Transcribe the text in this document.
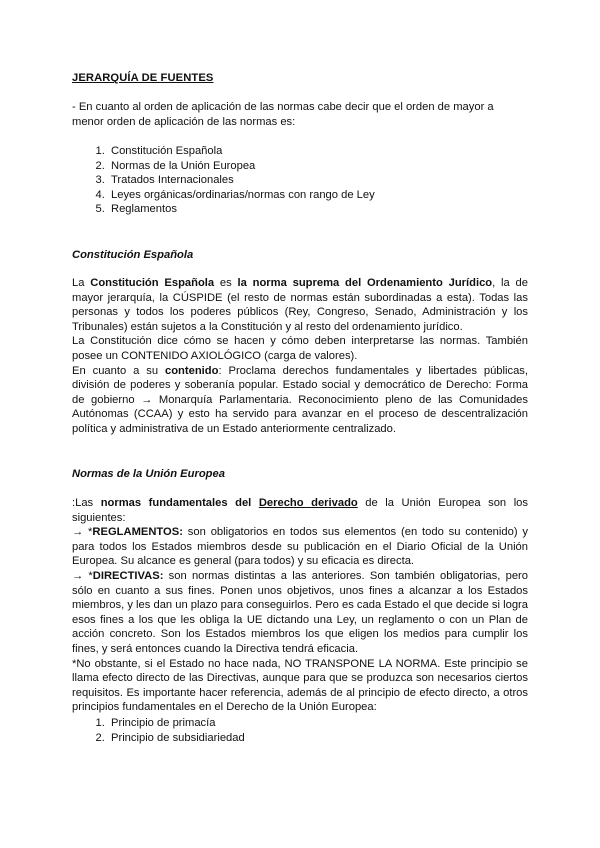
JERARQUÍA DE FUENTES
- En cuanto al orden de aplicación de las normas cabe decir que el orden de mayor a menor orden de aplicación de las normas es:
1. Constitución Española
2. Normas de la Unión Europea
3. Tratados Internacionales
4. Leyes orgánicas/ordinarias/normas con rango de Ley
5. Reglamentos
Constitución Española
La Constitución Española es la norma suprema del Ordenamiento Jurídico, la de mayor jerarquía, la CÚSPIDE (el resto de normas están subordinadas a esta). Todas las personas y todos los poderes públicos (Rey, Congreso, Senado, Administración y los Tribunales) están sujetos a la Constitución y al resto del ordenamiento jurídico.
La Constitución dice cómo se hacen y cómo deben interpretarse las normas. También posee un CONTENIDO AXIOLÓGICO (carga de valores).
En cuanto a su contenido: Proclama derechos fundamentales y libertades públicas, división de poderes y soberanía popular. Estado social y democrático de Derecho: Forma de gobierno → Monarquía Parlamentaria. Reconocimiento pleno de las Comunidades Autónomas (CCAA) y esto ha servido para avanzar en el proceso de descentralización política y administrativa de un Estado anteriormente centralizado.
Normas de la Unión Europea
:Las normas fundamentales del Derecho derivado de la Unión Europea son los siguientes:
→ *REGLAMENTOS: son obligatorios en todos sus elementos (en todo su contenido) y para todos los Estados miembros desde su publicación en el Diario Oficial de la Unión Europea. Su alcance es general (para todos) y su eficacia es directa.
→ *DIRECTIVAS: son normas distintas a las anteriores. Son también obligatorias, pero sólo en cuanto a sus fines. Ponen unos objetivos, unos fines a alcanzar a los Estados miembros, y les dan un plazo para conseguirlos. Pero es cada Estado el que decide si logra esos fines a los que les obliga la UE dictando una Ley, un reglamento o con un Plan de acción concreto. Son los Estados miembros los que eligen los medios para cumplir los fines, y será entonces cuando la Directiva tendrá eficacia.
*No obstante, si el Estado no hace nada, NO TRANSPONE LA NORMA. Este principio se llama efecto directo de las Directivas, aunque para que se produzca son necesarios ciertos requisitos. Es importante hacer referencia, además de al principio de efecto directo, a otros principios fundamentales en el Derecho de la Unión Europea:
1. Principio de primacía
2. Principio de subsidiariedad
